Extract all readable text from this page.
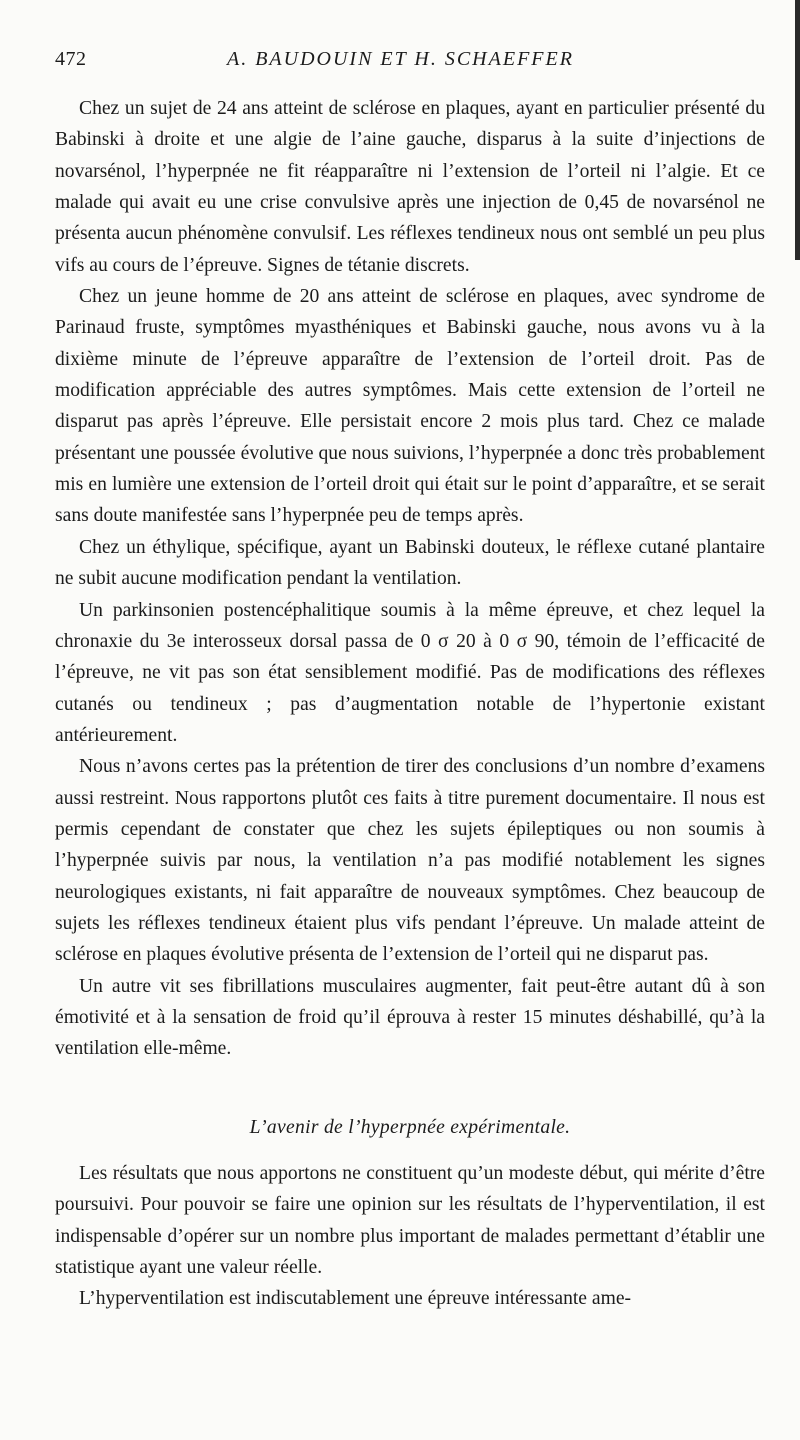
472	A. BAUDOUIN ET H. SCHAEFFER

Chez un sujet de 24 ans atteint de sclérose en plaques, ayant en particulier présenté du Babinski à droite et une algie de l’aine gauche, disparus à la suite d’injections de novarsénol, l’hyperpnée ne fit réapparaître ni l’extension de l’orteil ni l’algie. Et ce malade qui avait eu une crise convulsive après une injection de 0,45 de novarsénol ne présenta aucun phénomène convulsif. Les réflexes tendineux nous ont semblé un peu plus vifs au cours de l’épreuve. Signes de tétanie discrets.

Chez un jeune homme de 20 ans atteint de sclérose en plaques, avec syndrome de Parinaud fruste, symptômes myasthéniques et Babinski gauche, nous avons vu à la dixième minute de l’épreuve apparaître de l’extension de l’orteil droit. Pas de modification appréciable des autres symptômes. Mais cette extension de l’orteil ne disparut pas après l’épreuve. Elle persistait encore 2 mois plus tard. Chez ce malade présentant une poussée évolutive que nous suivions, l’hyperpnée a donc très probablement mis en lumière une extension de l’orteil droit qui était sur le point d’apparaître, et se serait sans doute manifestée sans l’hyperpnée peu de temps après.

Chez un éthylique, spécifique, ayant un Babinski douteux, le réflexe cutané plantaire ne subit aucune modification pendant la ventilation.

Un parkinsonien postencéphalitique soumis à la même épreuve, et chez lequel la chronaxie du 3e interosseux dorsal passa de 0 σ 20 à 0 σ 90, témoin de l’efficacité de l’épreuve, ne vit pas son état sensiblement modifié. Pas de modifications des réflexes cutanés ou tendineux ; pas d’augmentation notable de l’hypertonie existant antérieurement.

Nous n’avons certes pas la prétention de tirer des conclusions d’un nombre d’examens aussi restreint. Nous rapportons plutôt ces faits à titre purement documentaire. Il nous est permis cependant de constater que chez les sujets épileptiques ou non soumis à l’hyperpnée suivis par nous, la ventilation n’a pas modifié notablement les signes neurologiques existants, ni fait apparaître de nouveaux symptômes. Chez beaucoup de sujets les réflexes tendineux étaient plus vifs pendant l’épreuve. Un malade atteint de sclérose en plaques évolutive présenta de l’extension de l’orteil qui ne disparut pas.

Un autre vit ses fibrillations musculaires augmenter, fait peut-être autant dû à son émotivité et à la sensation de froid qu’il éprouva à rester 15 minutes déshabillé, qu’à la ventilation elle-même.

L’avenir de l’hyperpnée expérimentale.

Les résultats que nous apportons ne constituent qu’un modeste début, qui mérite d’être poursuivi. Pour pouvoir se faire une opinion sur les résultats de l’hyperventilation, il est indispensable d’opérer sur un nombre plus important de malades permettant d’établir une statistique ayant une valeur réelle.

L’hyperventilation est indiscutablement une épreuve intéressante ame-
